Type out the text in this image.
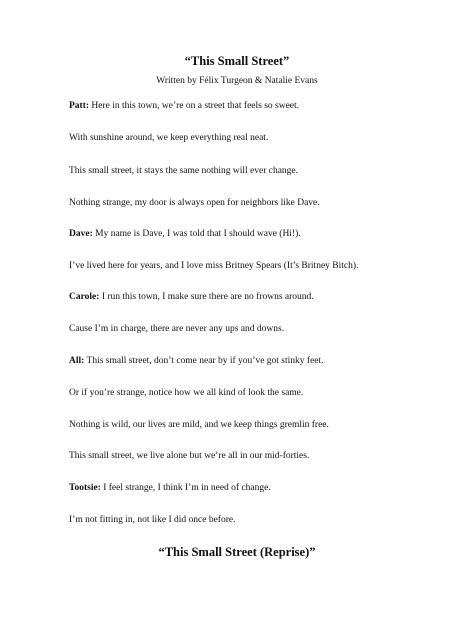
“This Small Street”
Written by Félix Turgeon & Natalie Evans
Patt: Here in this town, we’re on a street that feels so sweet.
With sunshine around, we keep everything real neat.
This small street, it stays the same nothing will ever change.
Nothing strange, my door is always open for neighbors like Dave.
Dave: My name is Dave, I was told that I should wave (Hi!).
I’ve lived here for years, and I love miss Britney Spears (It’s Britney Bitch).
Carole: I run this town, I make sure there are no frowns around.
Cause I’m in charge, there are never any ups and downs.
All: This small street, don’t come near by if you’ve got stinky feet.
Or if you’re strange, notice how we all kind of look the same.
Nothing is wild, our lives are mild, and we keep things gremlin free.
This small street, we live alone but we’re all in our mid-forties.
Tootsie: I feel strange, I think I’m in need of change.
I’m not fitting in, not like I did once before.
“This Small Street (Reprise)”
